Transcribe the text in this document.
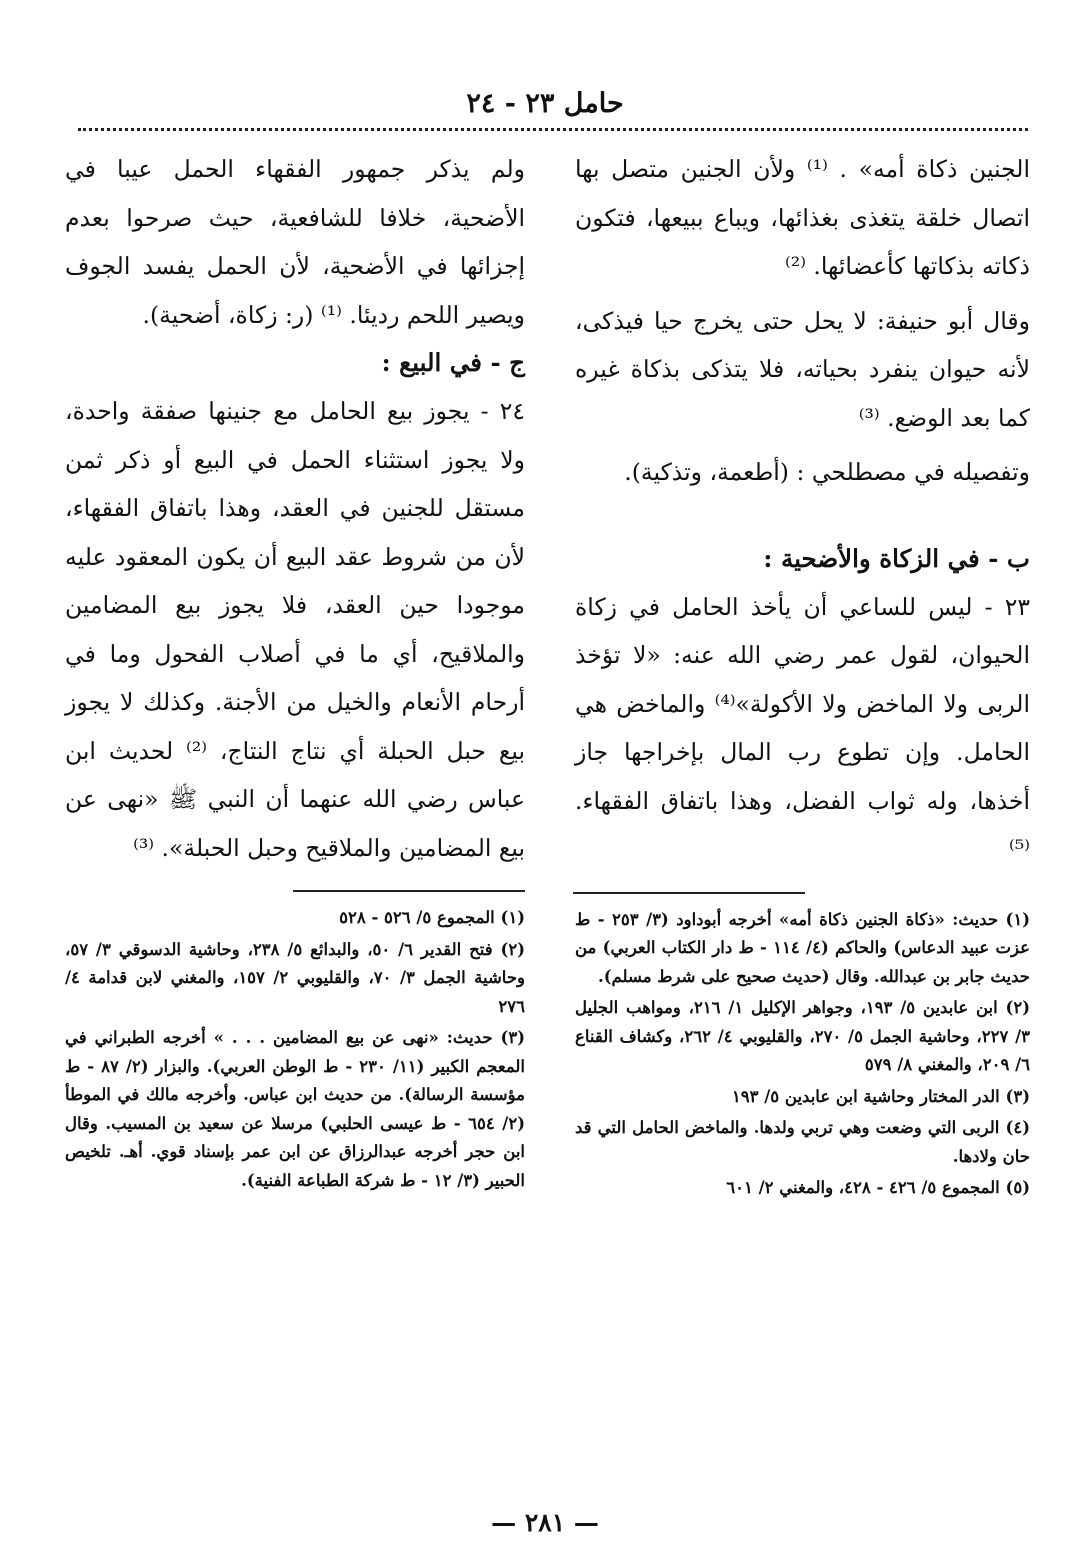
حامل ٢٣ - ٢٤

الجنين ذكاة أمه» . ⁽¹⁾ ولأن الجنين متصل بها اتصال خلقة يتغذى بغذائها، ويباع ببيعها، فتكون ذكاته بذكاتها كأعضائها. ⁽²⁾

وقال أبو حنيفة: لا يحل حتى يخرج حيا فيذكى، لأنه حيوان ينفرد بحياته، فلا يتذكى بذكاة غيره كما بعد الوضع. ⁽³⁾

وتفصيله في مصطلحي : (أطعمة، وتذكية).

ب - في الزكاة والأضحية :

٢٣ - ليس للساعي أن يأخذ الحامل في زكاة الحيوان، لقول عمر رضي الله عنه: «لا تؤخذ الربى ولا الماخض ولا الأكولة»⁽⁴⁾ والماخض هي الحامل. وإن تطوع رب المال بإخراجها جاز أخذها، وله ثواب الفضل، وهذا باتفاق الفقهاء. ⁽⁵⁾

(١) حديث: «ذكاة الجنين ذكاة أمه» أخرجه أبوداود (٣/ ٢٥٣ - ط عزت عبيد الدعاس) والحاكم (٤/ ١١٤ - ط دار الكتاب العربي) من حديث جابر بن عبدالله. وقال (حديث صحيح على شرط مسلم).

(٢) ابن عابدين ٥/ ١٩٣، وجواهر الإكليل ١/ ٢١٦، ومواهب الجليل ٣/ ٢٢٧، وحاشية الجمل ٥/ ٢٧٠، والقليوبي ٤/ ٢٦٢، وكشاف القناع ٦/ ٢٠٩، والمغني ٨/ ٥٧٩

(٣) الدر المختار وحاشية ابن عابدين ٥/ ١٩٣

(٤) الربى التي وضعت وهي تربي ولدها. والماخض الحامل التي قد حان ولادها.

(٥) المجموع ٥/ ٤٢٦ - ٤٢٨، والمغني ٢/ ٦٠١

ولم يذكر جمهور الفقهاء الحمل عيبا في الأضحية، خلافا للشافعية، حيث صرحوا بعدم إجزائها في الأضحية، لأن الحمل يفسد الجوف ويصير اللحم رديئا. ⁽¹⁾ (ر: زكاة، أضحية).

ج - في البيع :

٢٤ - يجوز بيع الحامل مع جنينها صفقة واحدة، ولا يجوز استثناء الحمل في البيع أو ذكر ثمن مستقل للجنين في العقد، وهذا باتفاق الفقهاء، لأن من شروط عقد البيع أن يكون المعقود عليه موجودا حين العقد، فلا يجوز بيع المضامين والملاقيح، أي ما في أصلاب الفحول وما في أرحام الأنعام والخيل من الأجنة. وكذلك لا يجوز بيع حبل الحبلة أي نتاج النتاج، ⁽²⁾ لحديث ابن عباس رضي الله عنهما أن النبي ﷺ «نهى عن بيع المضامين والملاقيح وحبل الحبلة». ⁽³⁾

(١) المجموع ٥/ ٥٢٦ - ٥٢٨

(٢) فتح القدير ٦/ ٥٠، والبدائع ٥/ ٢٣٨، وحاشية الدسوقي ٣/ ٥٧، وحاشية الجمل ٣/ ٧٠، والقليوبي ٢/ ١٥٧، والمغني لابن قدامة ٤/ ٢٧٦

(٣) حديث: «نهى عن بيع المضامين . . . » أخرجه الطبراني في المعجم الكبير (١١/ ٢٣٠ - ط الوطن العربي). والبزار (٢/ ٨٧ - ط مؤسسة الرسالة). من حديث ابن عباس. وأخرجه مالك في الموطأ (٢/ ٦٥٤ - ط عيسى الحلبي) مرسلا عن سعيد بن المسيب. وقال ابن حجر أخرجه عبدالرزاق عن ابن عمر بإسناد قوي. أهـ. تلخيص الحبير (٣/ ١٢ - ط شركة الطباعة الفنية).

— ٢٨١ —
